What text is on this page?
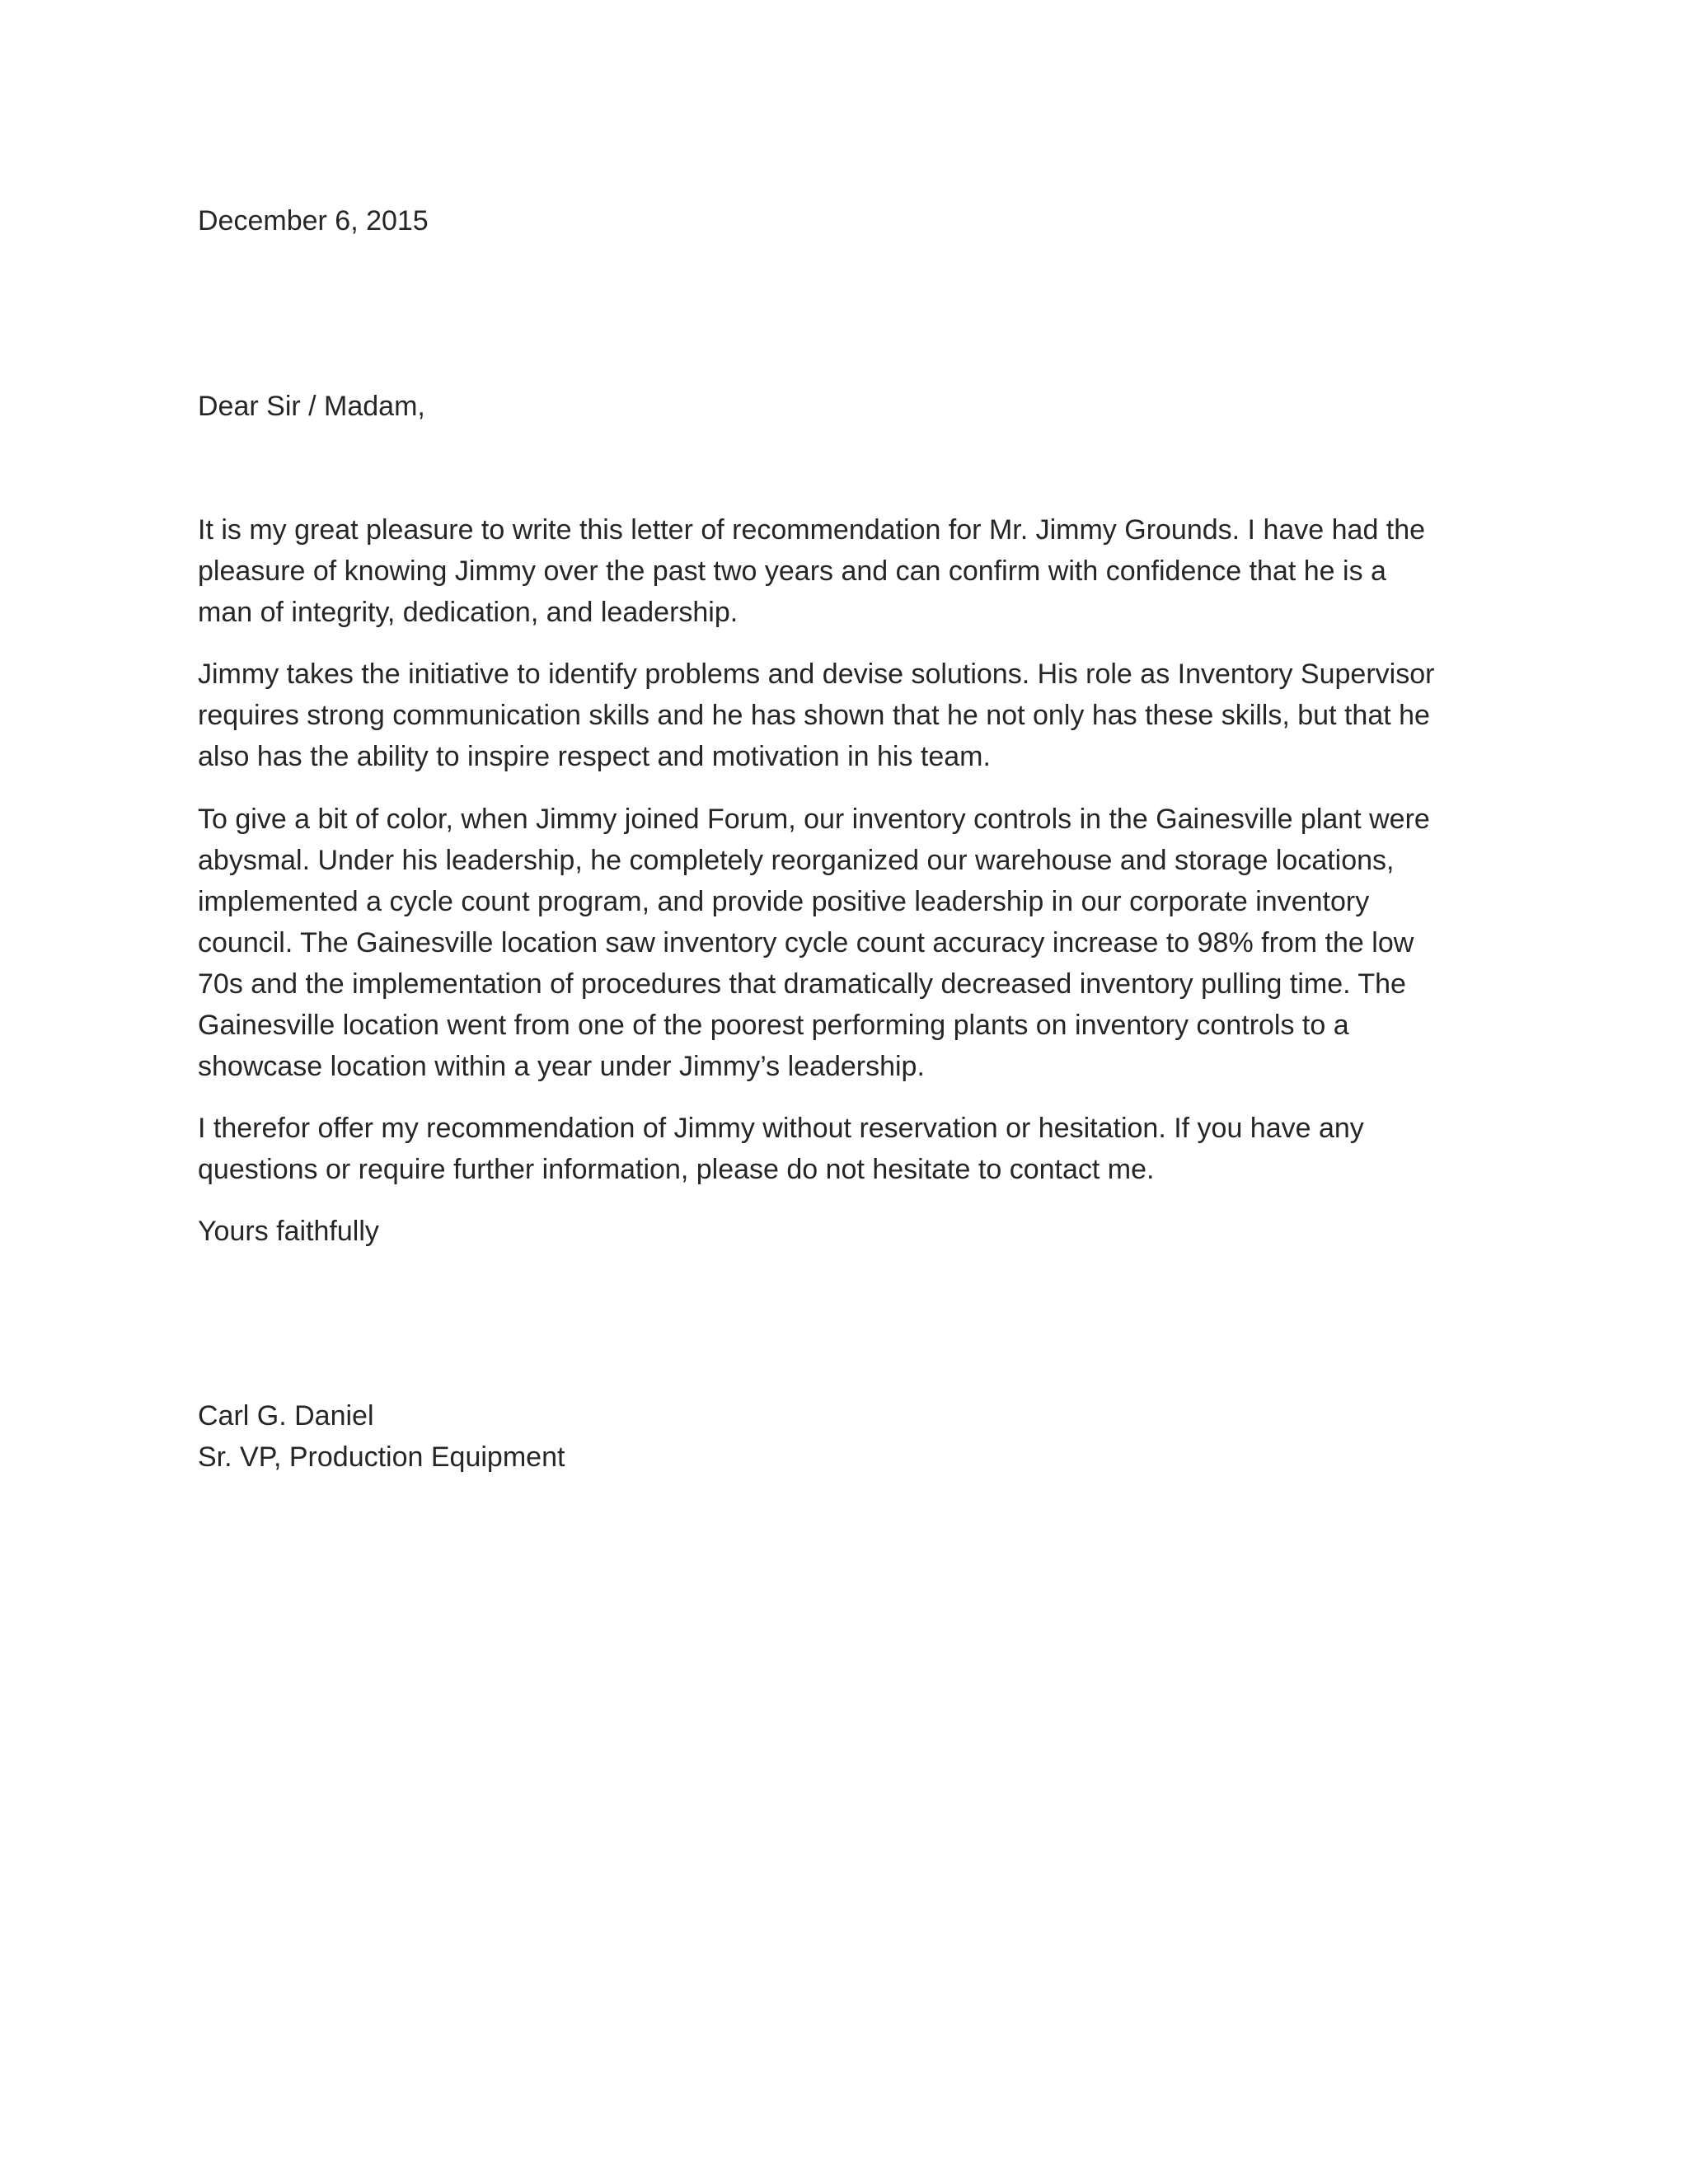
December 6, 2015
Dear Sir / Madam,
It is my great pleasure to write this letter of recommendation for Mr. Jimmy Grounds. I have had the
pleasure of knowing Jimmy over the past two years and can confirm with confidence that he is a
man of integrity, dedication, and leadership.
Jimmy takes the initiative to identify problems and devise solutions. His role as Inventory Supervisor
requires strong communication skills and he has shown that he not only has these skills, but that he
also has the ability to inspire respect and motivation in his team.
To give a bit of color, when Jimmy joined Forum, our inventory controls in the Gainesville plant were
abysmal. Under his leadership, he completely reorganized our warehouse and storage locations,
implemented a cycle count program, and provide positive leadership in our corporate inventory
council. The Gainesville location saw inventory cycle count accuracy increase to 98% from the low
70s and the implementation of procedures that dramatically decreased inventory pulling time. The
Gainesville location went from one of the poorest performing plants on inventory controls to a
showcase location within a year under Jimmy’s leadership.
I therefor offer my recommendation of Jimmy without reservation or hesitation. If you have any
questions or require further information, please do not hesitate to contact me.
Yours faithfully
Carl G. Daniel
Sr. VP, Production Equipment
